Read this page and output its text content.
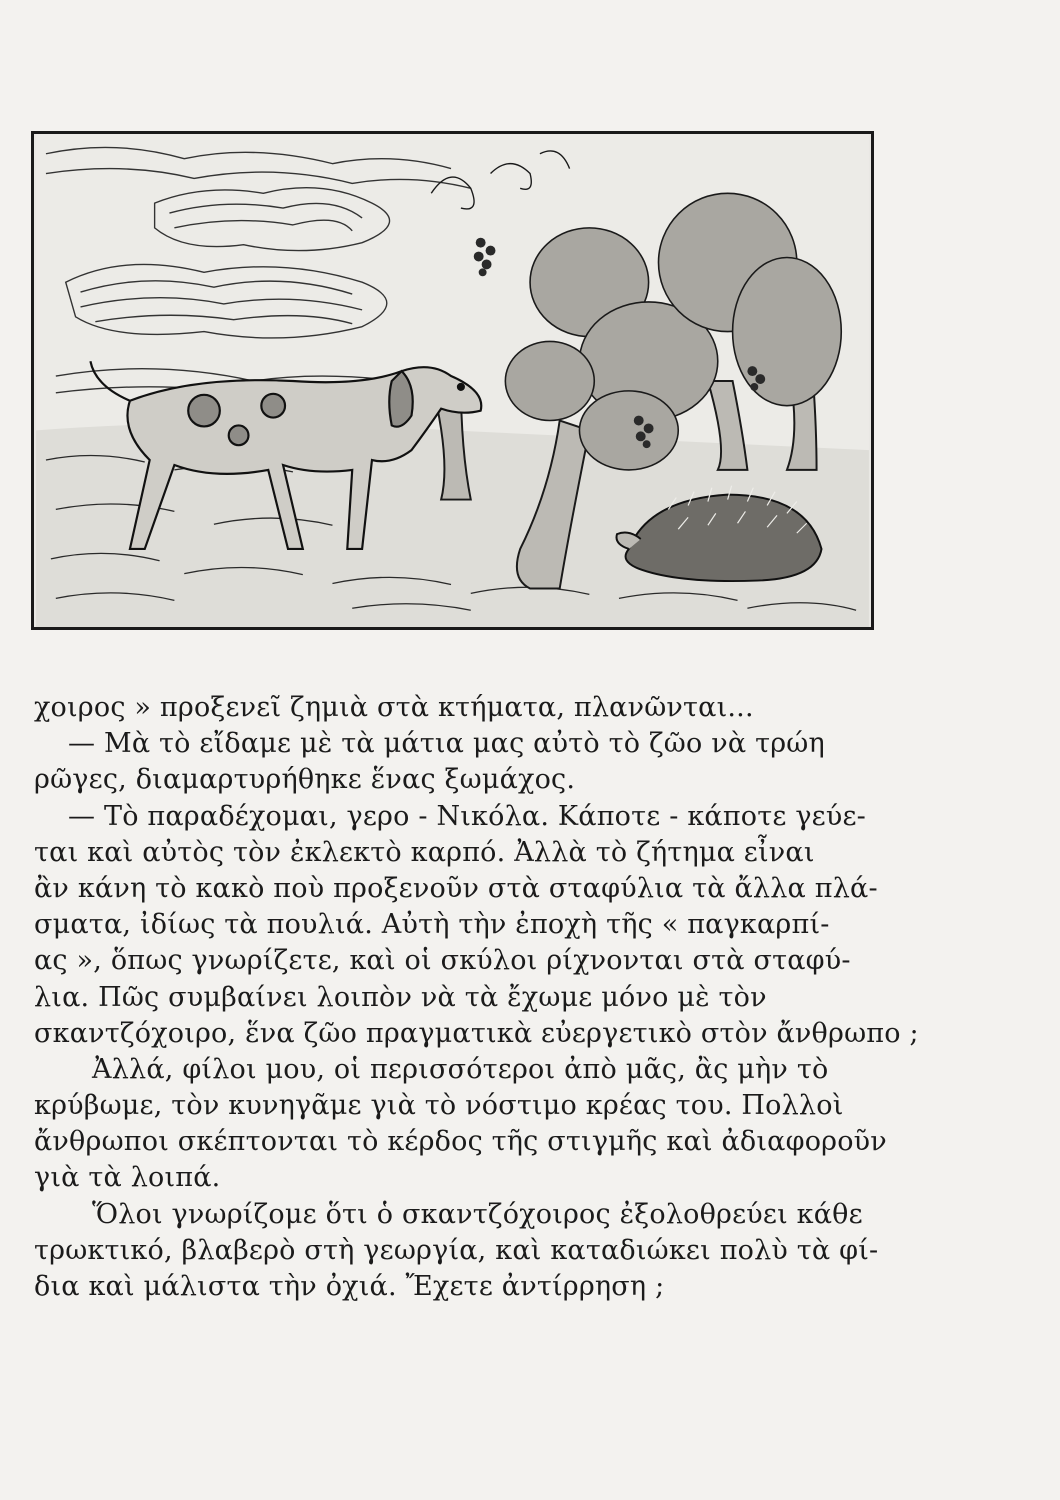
χοιρος » προξενεῖ ζημιὰ στὰ κτήματα, πλανῶνται...
— Μὰ τὸ εἴδαμε μὲ τὰ μάτια μας αὐτὸ τὸ ζῶο νὰ τρώη
ρῶγες, διαμαρτυρήθηκε ἕνας ξωμάχος.
— Τὸ παραδέχομαι, γερο - Νικόλα. Κάποτε - κάποτε γεύε-
ται καὶ αὐτὸς τὸν ἐκλεκτὸ καρπό. Ἀλλὰ τὸ ζήτημα εἶναι
ἂν κάνη τὸ κακὸ ποὺ προξενοῦν στὰ σταφύλια τὰ ἄλλα πλά-
σματα, ἰδίως τὰ πουλιά. Αὐτὴ τὴν ἐποχὴ τῆς « παγκαρπί-
ας », ὅπως γνωρίζετε, καὶ οἱ σκύλοι ρίχνονται στὰ σταφύ-
λια. Πῶς συμβαίνει λοιπὸν νὰ τὰ ἔχωμε μόνο μὲ τὸν
σκαντζόχοιρο, ἕνα ζῶο πραγματικὰ εὐεργετικὸ στὸν ἄνθρωπο ;
Ἀλλά, φίλοι μου, οἱ περισσότεροι ἀπὸ μᾶς, ἂς μὴν τὸ
κρύβωμε, τὸν κυνηγᾶμε γιὰ τὸ νόστιμο κρέας του. Πολλοὶ
ἄνθρωποι σκέπτονται τὸ κέρδος τῆς στιγμῆς καὶ ἀδιαφοροῦν
γιὰ τὰ λοιπά.
Ὅλοι γνωρίζομε ὅτι ὁ σκαντζόχοιρος ἐξολοθρεύει κάθε
τρωκτικό, βλαβερὸ στὴ γεωργία, καὶ καταδιώκει πολὺ τὰ φί-
δια καὶ μάλιστα τὴν ὀχιά. Ἔχετε ἀντίρρηση ;
